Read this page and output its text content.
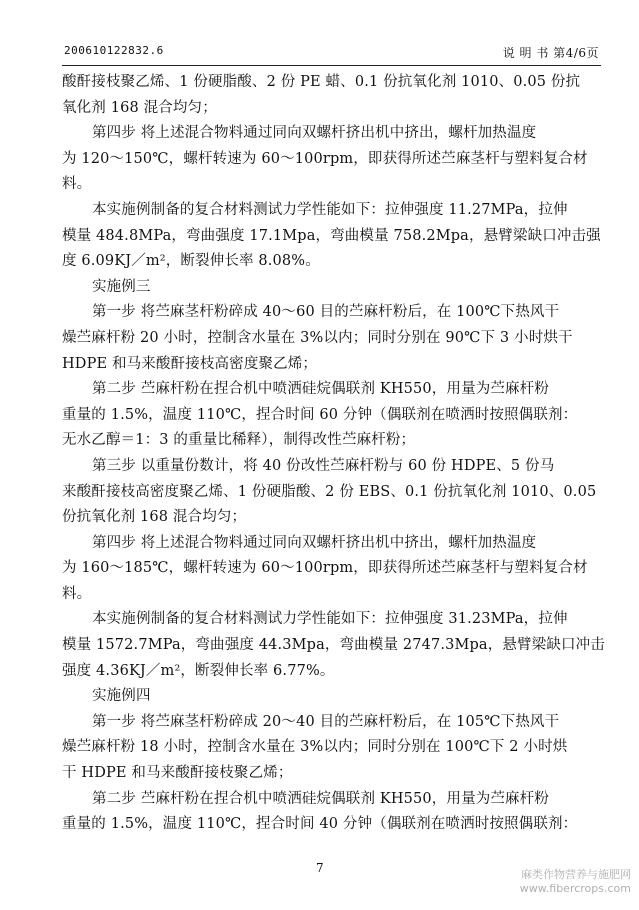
200610122832.6	说 明 书 第4/6页
酸酐接枝聚乙烯、1 份硬脂酸、2 份 PE 蜡、0.1 份抗氧化剂 1010、0.05 份抗
氧化剂 168 混合均匀；
第四步 将上述混合物料通过同向双螺杆挤出机中挤出，螺杆加热温度
为 120～150℃，螺杆转速为 60～100rpm，即获得所述苎麻茎杆与塑料复合材
料。
本实施例制备的复合材料测试力学性能如下：拉伸强度 11.27MPa，拉伸
模量 484.8MPa，弯曲强度 17.1Mpa，弯曲模量 758.2Mpa，悬臂梁缺口冲击强
度 6.09KJ／m²，断裂伸长率 8.08%。
实施例三
第一步 将苎麻茎杆粉碎成 40～60 目的苎麻杆粉后，在 100℃下热风干
燥苎麻杆粉 20 小时，控制含水量在 3%以内；同时分别在 90℃下 3 小时烘干
HDPE 和马来酸酐接枝高密度聚乙烯；
第二步 苎麻杆粉在捏合机中喷洒硅烷偶联剂 KH550，用量为苎麻杆粉
重量的 1.5%，温度 110℃，捏合时间 60 分钟（偶联剂在喷洒时按照偶联剂：
无水乙醇＝1：3 的重量比稀释），制得改性苎麻杆粉；
第三步 以重量份数计，将 40 份改性苎麻杆粉与 60 份 HDPE、5 份马
来酸酐接枝高密度聚乙烯、1 份硬脂酸、2 份 EBS、0.1 份抗氧化剂 1010、0.05
份抗氧化剂 168 混合均匀；
第四步 将上述混合物料通过同向双螺杆挤出机中挤出，螺杆加热温度
为 160～185℃，螺杆转速为 60～100rpm，即获得所述苎麻茎杆与塑料复合材
料。
本实施例制备的复合材料测试力学性能如下：拉伸强度 31.23MPa，拉伸
模量 1572.7MPa，弯曲强度 44.3Mpa，弯曲模量 2747.3Mpa，悬臂梁缺口冲击
强度 4.36KJ／m²，断裂伸长率 6.77%。
实施例四
第一步 将苎麻茎杆粉碎成 20～40 目的苎麻杆粉后，在 105℃下热风干
燥苎麻杆粉 18 小时，控制含水量在 3%以内；同时分别在 100℃下 2 小时烘
干 HDPE 和马来酸酐接枝聚乙烯；
第二步 苎麻杆粉在捏合机中喷洒硅烷偶联剂 KH550，用量为苎麻杆粉
重量的 1.5%，温度 110℃，捏合时间 40 分钟（偶联剂在喷洒时按照偶联剂：
7	麻类作物营养与施肥网
www.fibercrops.com
